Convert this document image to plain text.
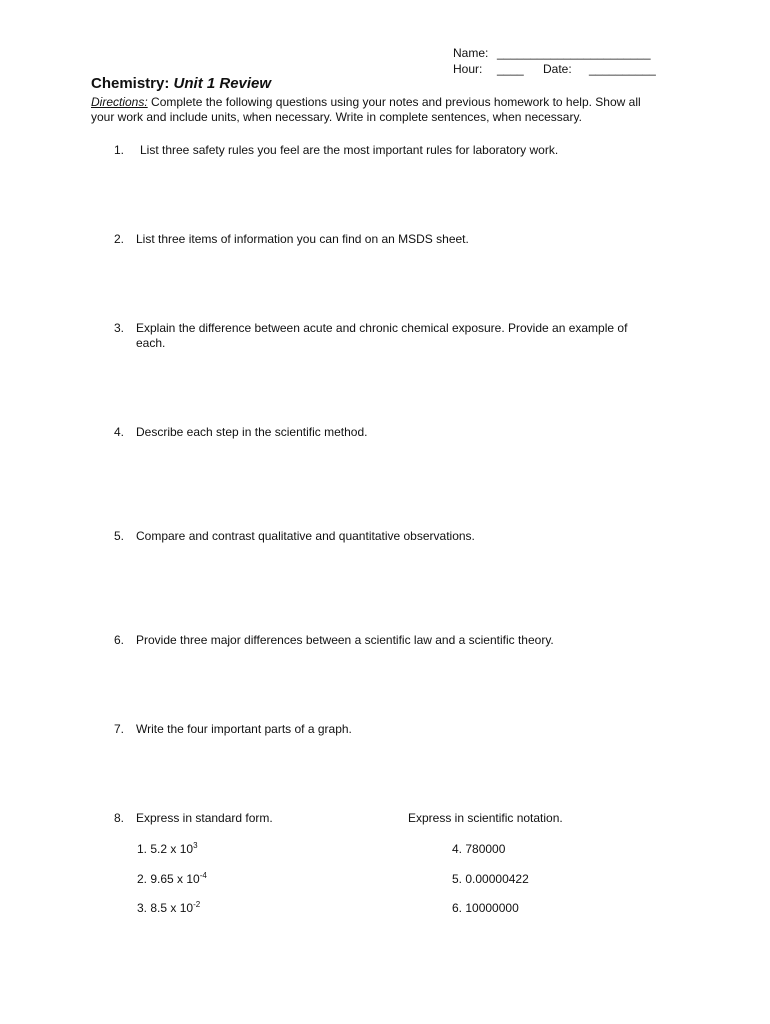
Name: _______________________
Hour: ____ Date: __________
Chemistry: Unit 1 Review
Directions: Complete the following questions using your notes and previous homework to help. Show all
your work and include units, when necessary. Write in complete sentences, when necessary.
1. List three safety rules you feel are the most important rules for laboratory work.
2. List three items of information you can find on an MSDS sheet.
3. Explain the difference between acute and chronic chemical exposure. Provide an example of
each.
4. Describe each step in the scientific method.
5. Compare and contrast qualitative and quantitative observations.
6. Provide three major differences between a scientific law and a scientific theory.
7. Write the four important parts of a graph.
8. Express in standard form.	Express in scientific notation.
1. 5.2 x $10^3$
2. 9.65 x $10^{-4}$
3. 8.5 x $10^{-2}$
4. 780000
5. 0.00000422
6. 10000000
